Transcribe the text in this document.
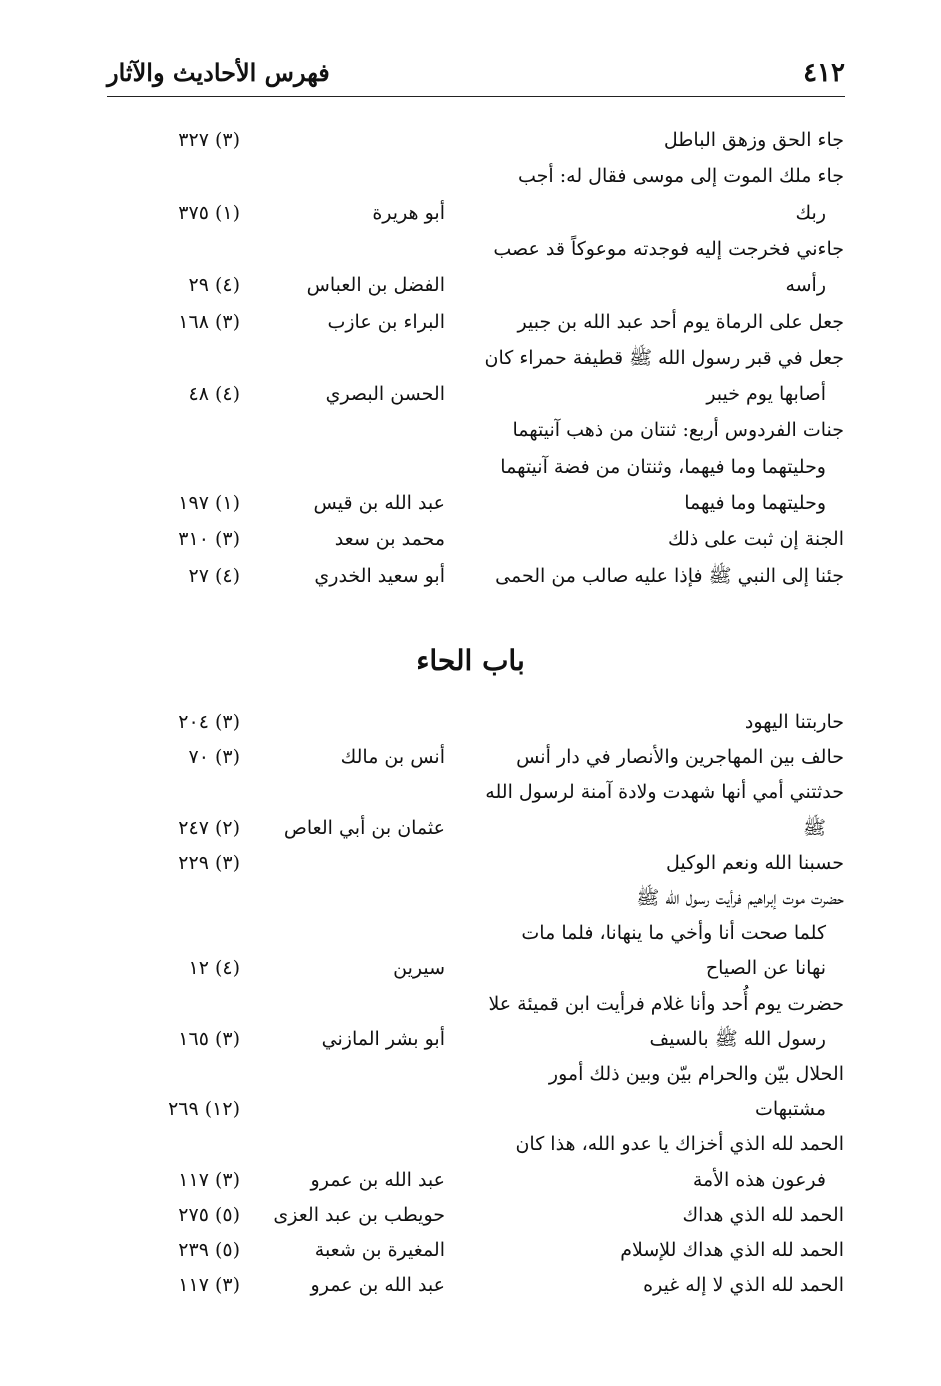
فهرس الأحاديث والآثار	٤١٢
جاء الحق وزهق الباطل
(٣) ٣٢٧
جاء ملك الموت إلى موسى فقال له: أجب
ربك
أبو هريرة
(١) ٣٧٥
جاءني فخرجت إليه فوجدته موعوكاً قد عصب
رأسه
الفضل بن العباس
(٤) ٢٩
جعل على الرماة يوم أحد عبد الله بن جبير
البراء بن عازب
(٣) ١٦٨
جعل في قبر رسول الله ﷺ قطيفة حمراء كان
أصابها يوم خيبر
الحسن البصري
(٤) ٤٨
جنات الفردوس أربع: ثنتان من ذهب آنيتهما
وحليتهما وما فيهما، وثنتان من فضة آنيتهما
وحليتهما وما فيهما
عبد الله بن قيس
(١) ١٩٧
الجنة إن ثبت على ذلك
محمد بن سعد
(٣) ٣١٠
جئنا إلى النبي ﷺ فإذا عليه صالب من الحمى
أبو سعيد الخدري
(٤) ٢٧
باب الحاء
حاربتنا اليهود
(٣) ٢٠٤
حالف بين المهاجرين والأنصار في دار أنس
أنس بن مالك
(٣) ٧٠
حدثتني أمي أنها شهدت ولادة آمنة لرسول الله
ﷺ
عثمان بن أبي العاص
(٢) ٢٤٧
حسبنا الله ونعم الوكيل
(٣) ٢٢٩
حضرت موت إبراهيم فرأيت رسول الله ﷺ
كلما صحت أنا وأخي ما ينهانا، فلما مات
نهانا عن الصياح
سيرين
(٤) ١٢
حضرت يوم أُحد وأنا غلام فرأيت ابن قميئة علا
رسول الله ﷺ بالسيف
أبو بشر المازني
(٣) ١٦٥
الحلال بيّن والحرام بيّن وبين ذلك أمور
مشتبهات
(١٢) ٢٦٩
الحمد لله الذي أخزاك يا عدو الله، هذا كان
فرعون هذه الأمة
عبد الله بن عمرو
(٣) ١١٧
الحمد لله الذي هداك
حويطب بن عبد العزى
(٥) ٢٧٥
الحمد لله الذي هداك للإسلام
المغيرة بن شعبة
(٥) ٢٣٩
الحمد لله الذي لا إله غيره
عبد الله بن عمرو
(٣) ١١٧
